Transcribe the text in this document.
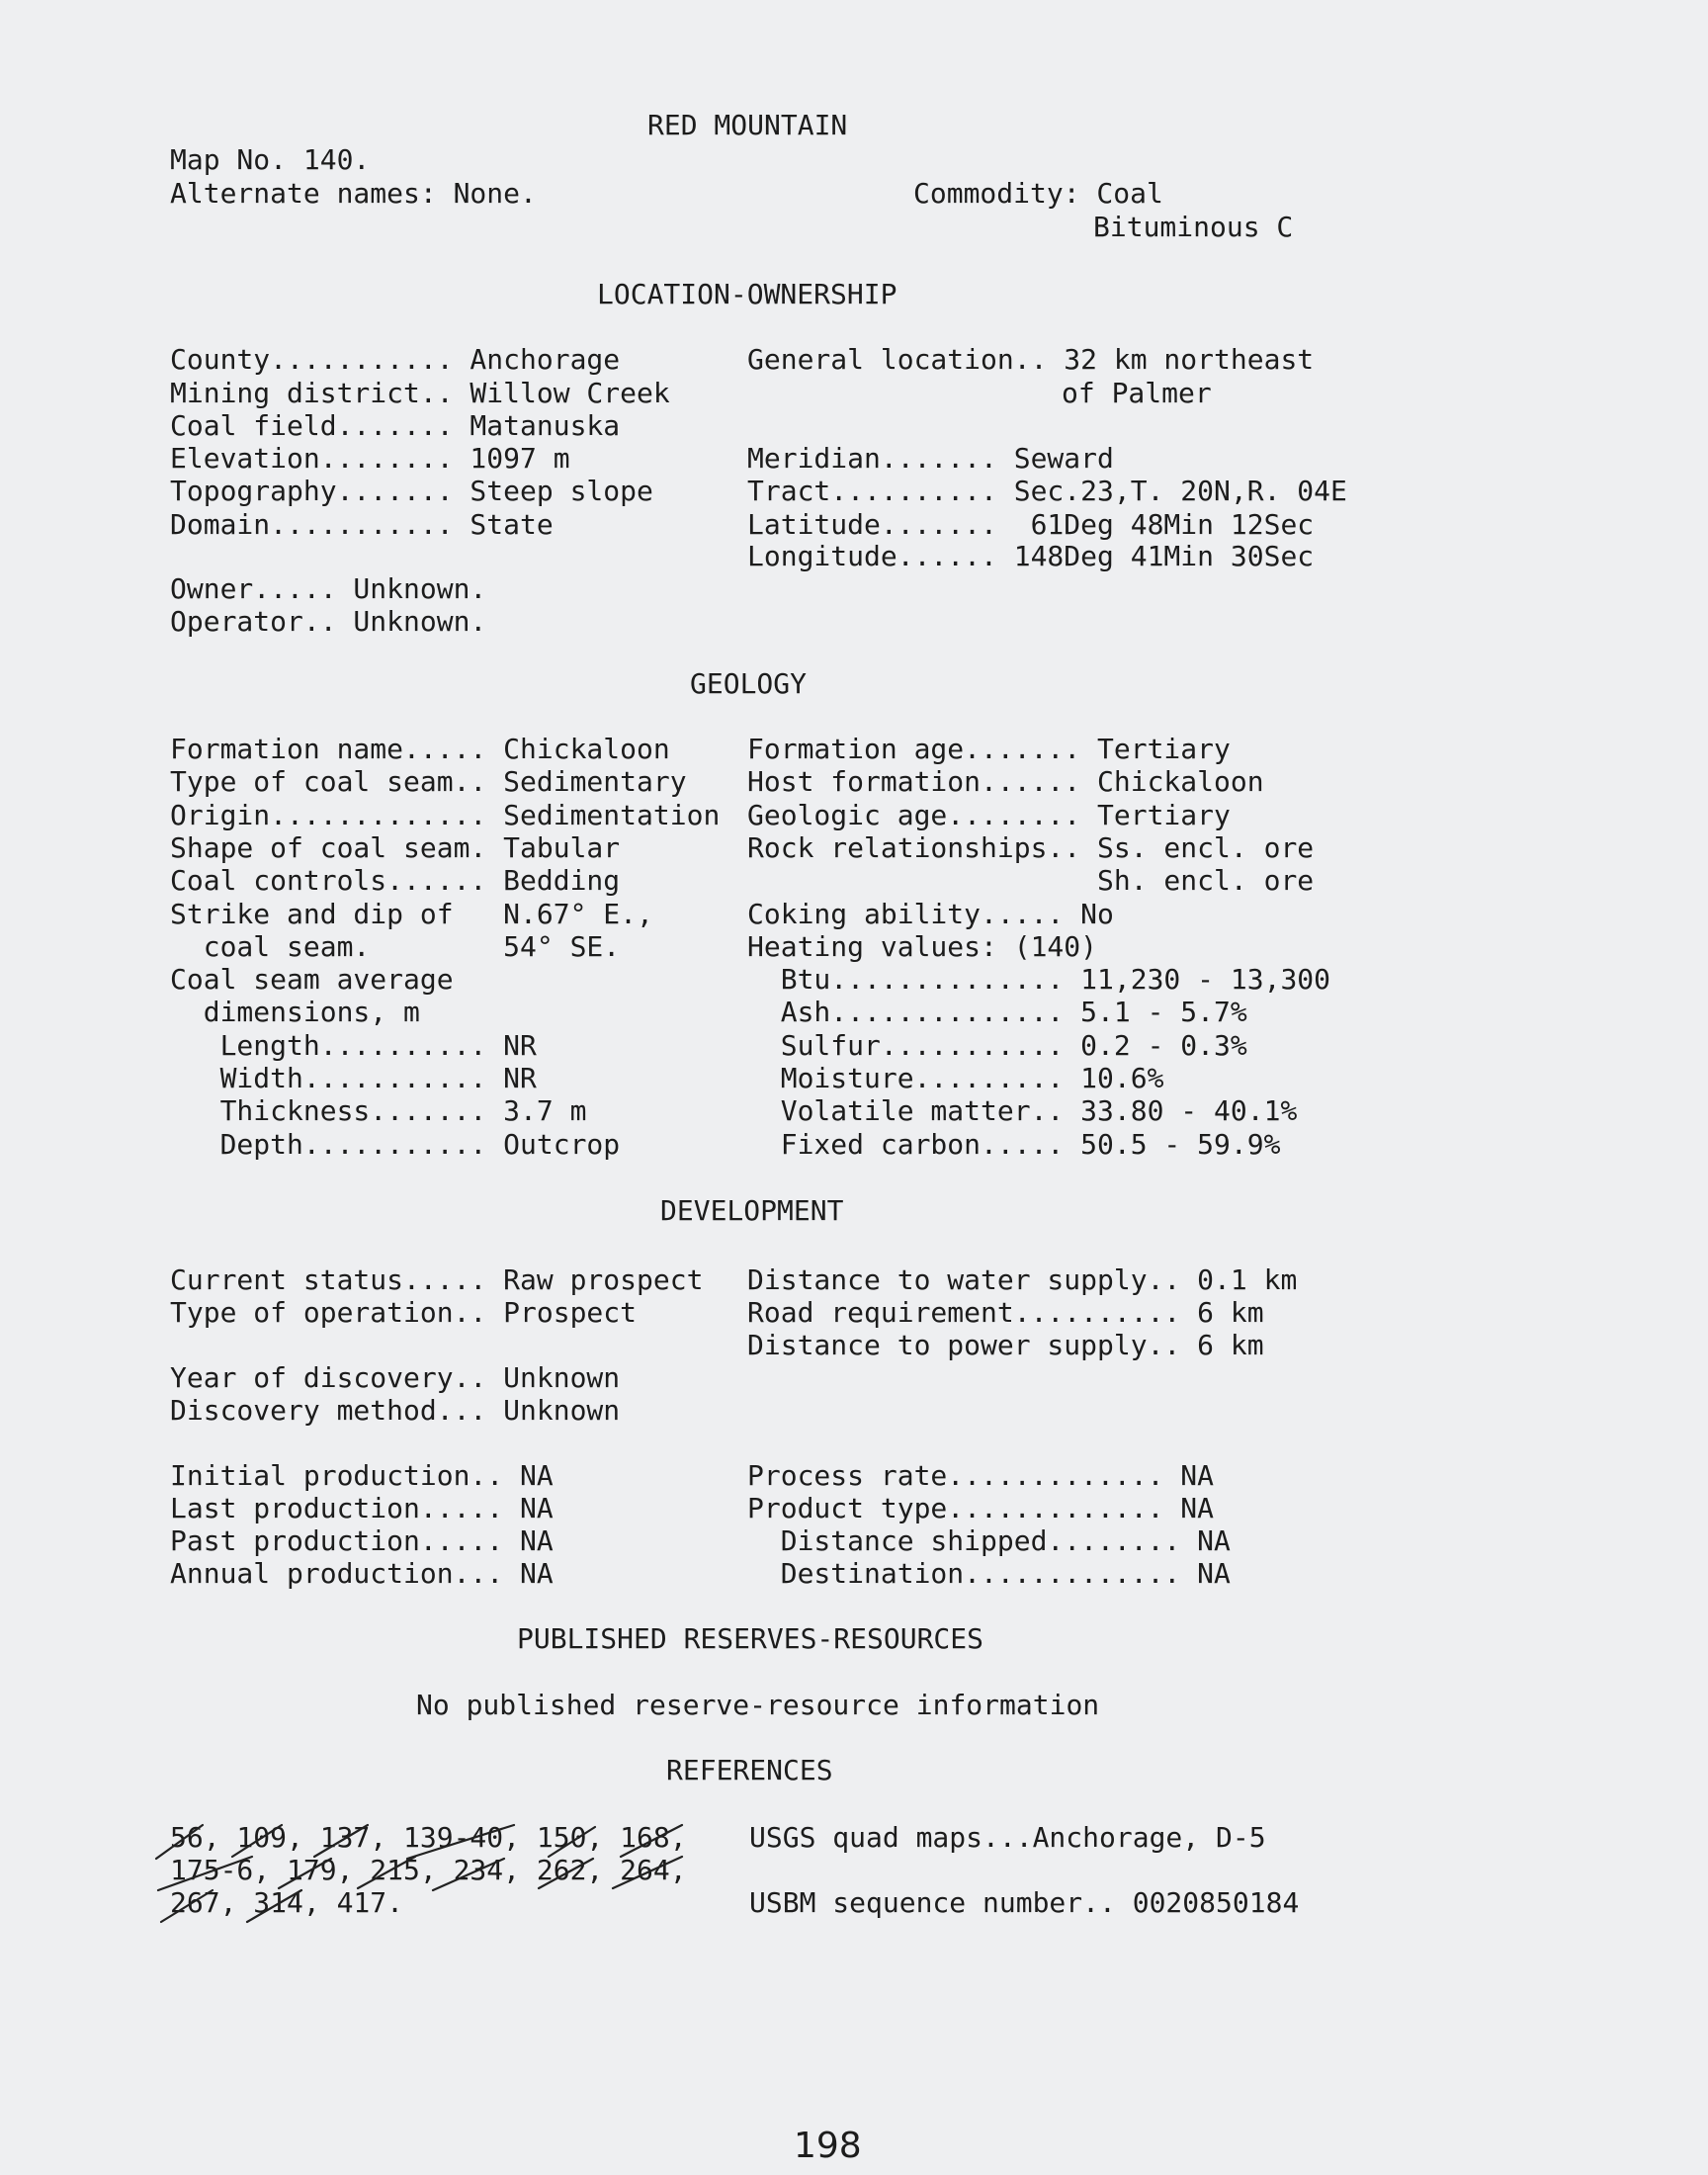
RED MOUNTAIN
Map No. 140.
Alternate names: None.	Commodity: Coal
Bituminous C
LOCATION-OWNERSHIP
County........... Anchorage
Mining district.. Willow Creek
Coal field....... Matanuska
Elevation........ 1097 m
Topography....... Steep slope
Domain........... State
General location.. 32 km northeast
of Palmer
Meridian....... Seward
Tract.......... Sec.23,T. 20N,R. 04E
Latitude.......  61Deg 48Min 12Sec
Longitude...... 148Deg 41Min 30Sec
Owner..... Unknown.
Operator.. Unknown.
GEOLOGY
Formation name..... Chickaloon
Type of coal seam.. Sedimentary
Origin............. Sedimentation
Shape of coal seam. Tabular
Coal controls...... Bedding
Strike and dip of   N.67° E.,
coal seam.        54° SE.
Coal seam average
dimensions, m
Length.......... NR
Width........... NR
Thickness....... 3.7 m
Depth........... Outcrop
Formation age....... Tertiary
Host formation...... Chickaloon
Geologic age........ Tertiary
Rock relationships.. Ss. encl. ore
Sh. encl. ore
Coking ability..... No
Heating values: (140)
Btu.............. 11,230 - 13,300
Ash.............. 5.1 - 5.7%
Sulfur........... 0.2 - 0.3%
Moisture......... 10.6%
Volatile matter.. 33.80 - 40.1%
Fixed carbon..... 50.5 - 59.9%
DEVELOPMENT
Current status..... Raw prospect
Type of operation.. Prospect
Distance to water supply.. 0.1 km
Road requirement.......... 6 km
Distance to power supply.. 6 km
Year of discovery.. Unknown
Discovery method... Unknown
Initial production.. NA
Last production..... NA
Past production..... NA
Annual production... NA
Process rate............. NA
Product type............. NA
Distance shipped........ NA
Destination............. NA
PUBLISHED RESERVES-RESOURCES
No published reserve-resource information
REFERENCES
56, 109, 137, 139-40, 150, 168,
175-6, 179, 215, 234, 262, 264,
267, 314, 417.
USGS quad maps...Anchorage, D-5
USBM sequence number.. 0020850184
198
